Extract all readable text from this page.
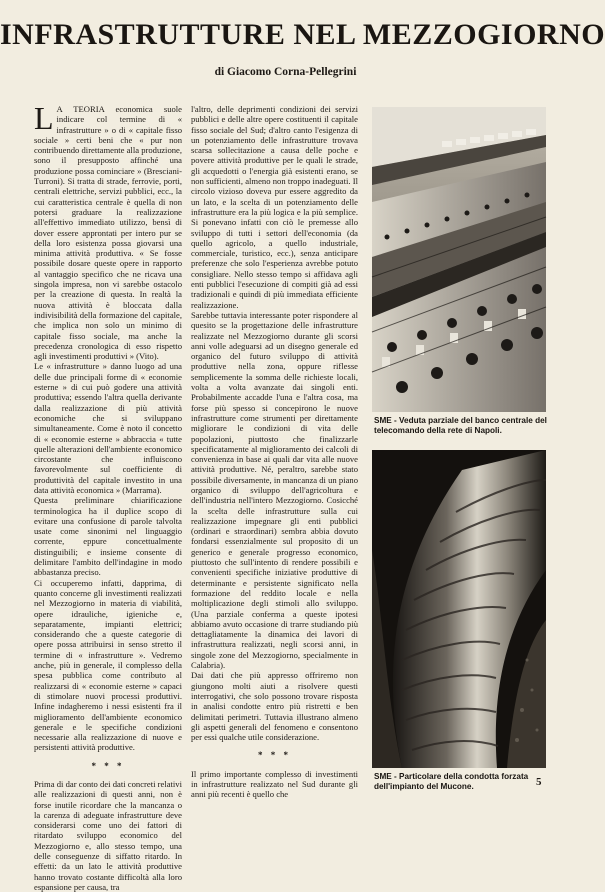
INFRASTRUTTURE NEL MEZZOGIORNO
di Giacomo Corna-Pellegrini

L A TEORIA economica suole indicare col termine di « infrastrutture » o di « capitale fisso sociale » certi beni che « pur non contribuendo direttamente alla produzione, sono il presupposto affinché una produzione possa cominciare » (Bresciani-Turroni). Si tratta di strade, ferrovie, porti, centrali elettriche, servizi pubblici, ecc., la cui caratteristica centrale è quella di non potersi graduare la realizzazione all'effettivo immediato utilizzo, bensì di dover essere approntati per intero pur se della loro esistenza possa giovarsi una minima attività produttiva. « Se fosse possibile dosare queste opere in rapporto al vantaggio specifico che ne ricava una singola impresa, non vi sarebbe ostacolo per la creazione di questa. In realtà la nuova attività è bloccata dalla indivisibilità della formazione del capitale, che implica non solo un minimo di capitale fisso sociale, ma anche la precedenza cronologica di esso rispetto agli investimenti produttivi » (Vito).

Le « infrastrutture » danno luogo ad una delle due principali forme di « economie esterne » di cui può godere una attività produttiva; essendo l'altra quella derivante dalla realizzazione di più attività economiche che si sviluppano simultaneamente. Come è noto il concetto di « economie esterne » abbraccia « tutte quelle alterazioni dell'ambiente economico circostante che influiscono favorevolmente sul coefficiente di produttività del capitale investito in una data attività economica » (Marrama).

Questa preliminare chiarificazione terminologica ha il duplice scopo di evitare una confusione di parole talvolta usate come sinonimi nel linguaggio corrente, eppure concettualmente distinguibili; e insieme consente di delimitare l'ambito dell'indagine in modo abbastanza preciso.

Ci occuperemo infatti, dapprima, di quanto concerne gli investimenti realizzati nel Mezzogiorno in materia di viabilità, opere idrauliche, igieniche e, separatamente, impianti elettrici; considerando che a queste categorie di opere possa attribuirsi in senso stretto il termine di « infrastrutture ». Vedremo anche, più in generale, il complesso della spesa pubblica come contributo al realizzarsi di « economie esterne » capaci di stimolare nuovi processi produttivi. Infine indagheremo i nessi esistenti fra il miglioramento dell'ambiente economico generale e le specifiche condizioni necessarie alla realizzazione di nuove e persistenti attività produttive.

* * *

Prima di dar conto dei dati concreti relativi alle realizzazioni di questi anni, non è forse inutile ricordare che la mancanza o la carenza di adeguate infrastrutture deve considerarsi come uno dei fattori di ritardato sviluppo economico del Mezzogiorno e, allo stesso tempo, una delle conseguenze di siffatto ritardo. In effetti: da un lato le attività produttive hanno trovato costante difficoltà alla loro espansione per causa, tra

l'altro, delle deprimenti condizioni dei servizi pubblici e delle altre opere costituenti il capitale fisso sociale del Sud; d'altro canto l'esigenza di un potenziamento delle infrastrutture trovava scarsa sollecitazione a causa delle poche e povere attività produttive per le quali le strade, gli acquedotti o l'energia già esistenti erano, se non sufficienti, almeno non troppo inadeguati. Il circolo vizioso doveva pur essere aggredito da un lato, e la scelta di un potenziamento delle infrastrutture era la più logica e la più semplice. Si ponevano infatti con ciò le premesse allo sviluppo di tutti i settori dell'economia (da quello agricolo, a quello industriale, commerciale, turistico, ecc.), senza anticipare preferenze che solo l'esperienza avrebbe potuto consigliare. Nello stesso tempo si affidava agli enti pubblici l'esecuzione di compiti già ad essi tradizionali e quindi di più immediata efficiente realizzazione.

Sarebbe tuttavia interessante poter rispondere al quesito se la progettazione delle infrastrutture realizzate nel Mezzogiorno durante gli scorsi anni volle adeguarsi ad un disegno generale ed organico del futuro sviluppo di attività produttive nella zona, oppure riflesse semplicemente la somma delle richieste locali, volta a volta avanzate dai singoli enti. Probabilmente accadde l'una e l'altra cosa, ma forse più spesso si concepirono le nuove infrastrutture come strumenti per direttamente migliorare le condizioni di vita delle popolazioni, piuttosto che finalizzarle specificatamente al miglioramento dei calcoli di convenienza in base ai quali dar vita alle nuove attività produttive. Né, peraltro, sarebbe stato possibile diversamente, in mancanza di un piano organico di sviluppo dell'agricoltura e dell'industria nell'intero Mezzogiorno. Cosicché la scelta delle infrastrutture sulla cui realizzazione impegnare gli enti pubblici (ordinari e straordinari) sembra abbia dovuto fondarsi essenzialmente sul proposito di un generico e generale progresso economico, piuttosto che sull'intento di rendere possibili e convenienti specifiche iniziative produttive di determinante e persistente significato nella formazione del reddito locale e nella moltiplicazione degli stimoli allo sviluppo. (Una parziale conferma a queste ipotesi abbiamo avuto occasione di trarre studiando più dettagliatamente la dinamica dei lavori di infrastruttura realizzati, negli scorsi anni, in singole zone del Mezzogiorno, specialmente in Calabria).

Dai dati che più appresso offriremo non giungono molti aiuti a risolvere questi interrogativi, che solo possono trovare risposta in analisi condotte entro più ristretti e ben delimitati perimetri. Tuttavia illustrano almeno gli aspetti generali del fenomeno e consentono per essi qualche utile considerazione.

* * *

Il primo importante complesso di investimenti in infrastrutture realizzato nel Sud durante gli anni più recenti è quello che

SME - Veduta parziale del banco centrale del telecomando della rete di Napoli.
SME - Particolare della condotta forzata dell'impianto del Mucone.	5
